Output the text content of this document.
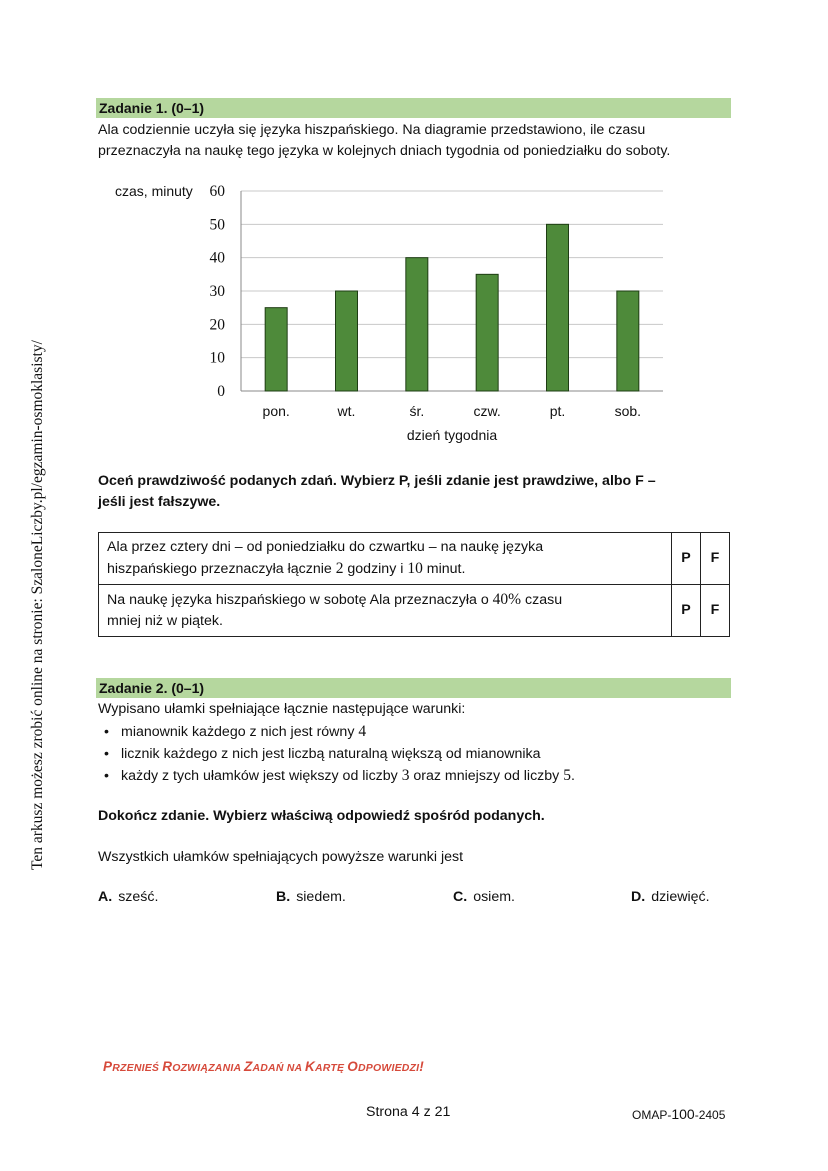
Ten arkusz możesz zrobić online na stronie: SzaloneLiczby.pl/egzamin-osmoklasisty/
Zadanie 1. (0–1)
Ala codziennie uczyła się języka hiszpańskiego. Na diagramie przedstawiono, ile czasu
przeznaczyła na naukę tego języka w kolejnych dniach tygodnia od poniedziałku do soboty.
0
10
20
30
40
50
60
czas, minuty
pon.	wt.	śr.	czw.	pt.	sob.
dzień tygodnia
Oceń prawdziwość podanych zdań. Wybierz P, jeśli zdanie jest prawdziwe, albo F –
jeśli jest fałszywe.
Ala przez cztery dni – od poniedziałku do czwartku – na naukę języka
hiszpańskiego przeznaczyła łącznie 2 godziny i 10 minut.	P	F
Na naukę języka hiszpańskiego w sobotę Ala przeznaczyła o 40% czasu
mniej niż w piątek.	P	F
Zadanie 2. (0–1)
Wypisano ułamki spełniające łącznie następujące warunki:
• mianownik każdego z nich jest równy 4
• licznik każdego z nich jest liczbą naturalną większą od mianownika
• każdy z tych ułamków jest większy od liczby 3 oraz mniejszy od liczby 5.
Dokończ zdanie. Wybierz właściwą odpowiedź spośród podanych.
Wszystkich ułamków spełniających powyższe warunki jest
A. sześć.	B. siedem.	C. osiem.	D. dziewięć.
PRZENIEŚ ROZWIĄZANIA ZADAŃ NA KARTĘ ODPOWIEDZI!
Strona 4 z 21	OMAP-100-2405
